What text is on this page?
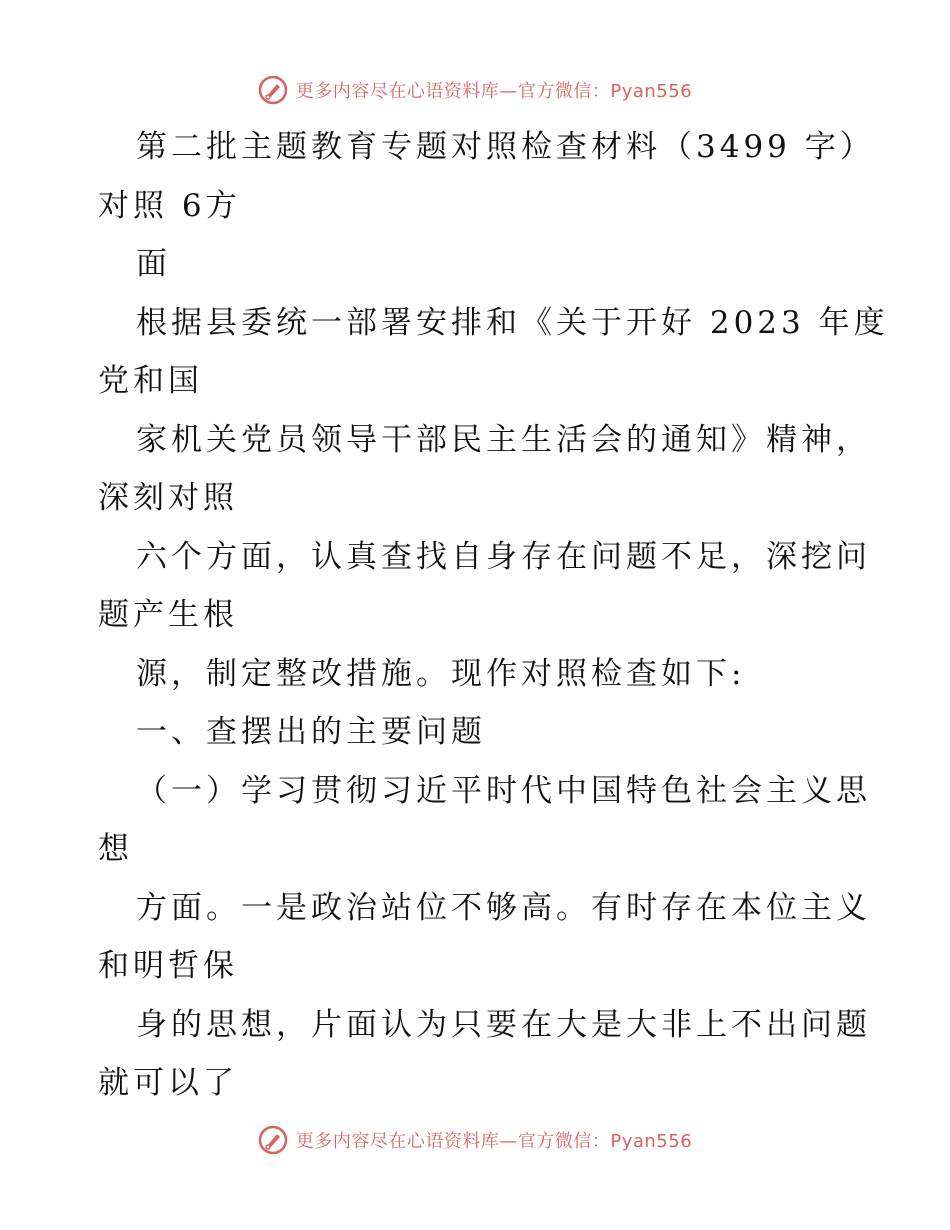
更多内容尽在心语资料库—官方微信：Pyan556
第二批主题教育专题对照检查材料（3499 字）
对照 6方
面
根据县委统一部署安排和《关于开好 2023 年度
党和国
家机关党员领导干部民主生活会的通知》精神，
深刻对照
六个方面，认真查找自身存在问题不足，深挖问
题产生根
源，制定整改措施。现作对照检查如下:
一、查摆出的主要问题
（一）学习贯彻习近平时代中国特色社会主义思
想
方面。一是政治站位不够高。有时存在本位主义
和明哲保
身的思想，片面认为只要在大是大非上不出问题
就可以了
更多内容尽在心语资料库—官方微信：Pyan556
